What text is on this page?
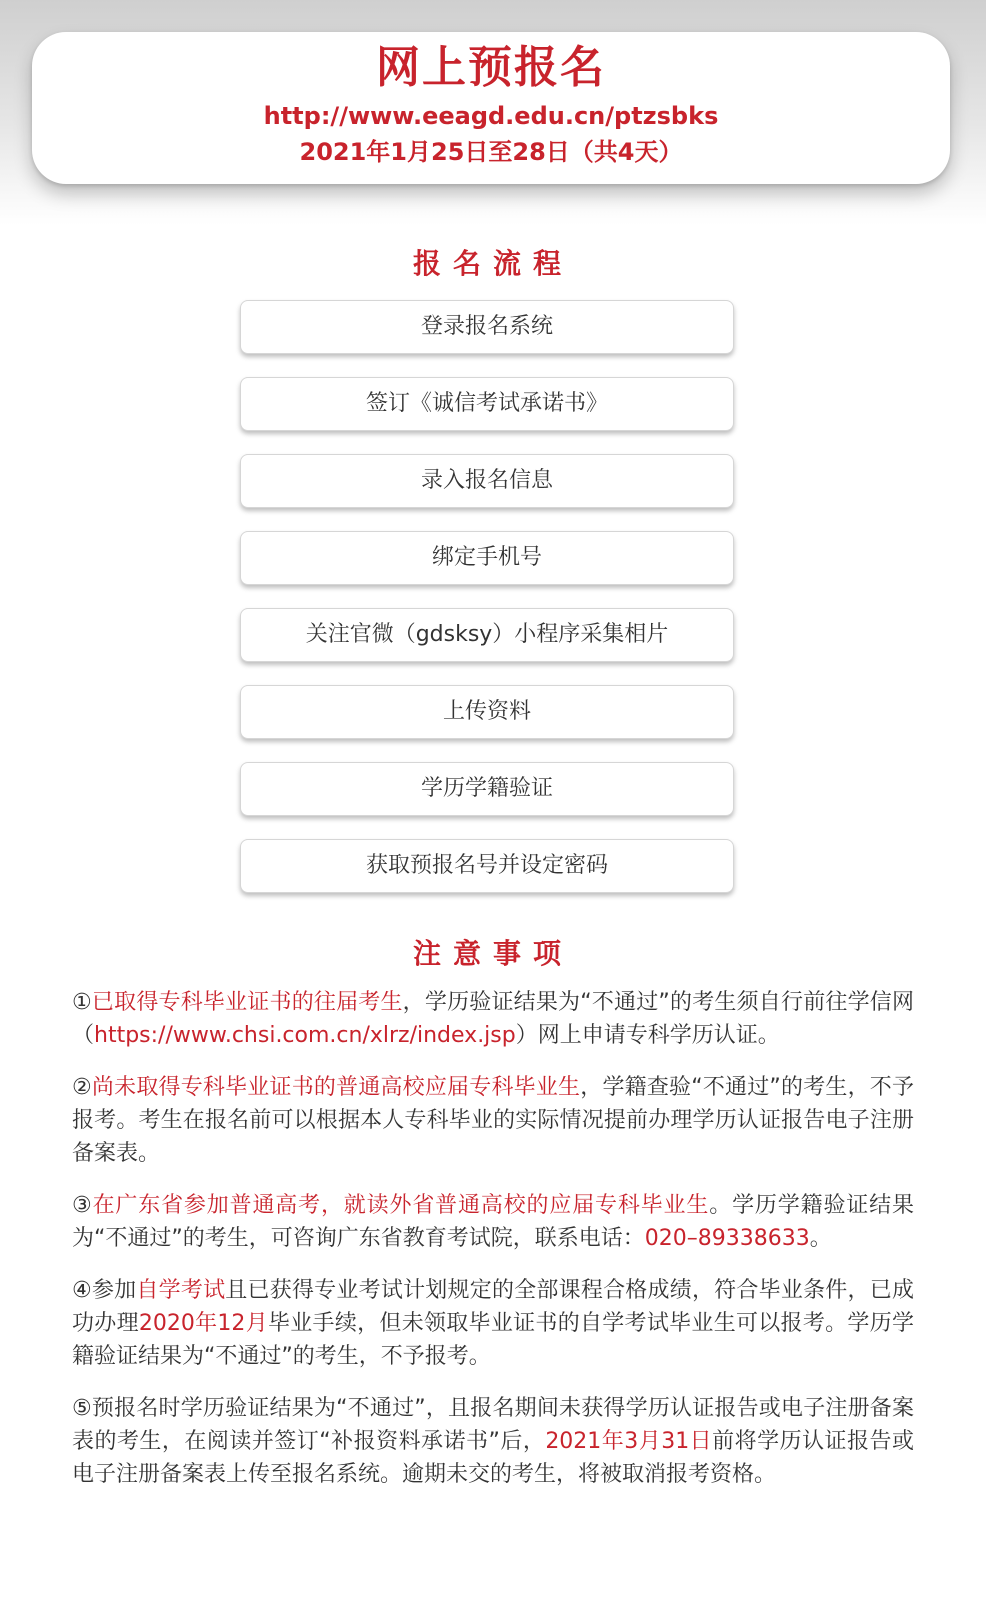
网上预报名
http://www.eeagd.edu.cn/ptzsbks
2021年1月25日至28日（共4天）
报名流程
登录报名系统
签订《诚信考试承诺书》
录入报名信息
绑定手机号
关注官微（gdsksy）小程序采集相片
上传资料
学历学籍验证
获取预报名号并设定密码
注意事项

①已取得专科毕业证书的往届考生，学历验证结果为“不通过”的考生须自行前往学信网（https://www.chsi.com.cn/xlrz/index.jsp）网上申请专科学历认证。

②尚未取得专科毕业证书的普通高校应届专科毕业生，学籍查验“不通过”的考生，不予报考。考生在报名前可以根据本人专科毕业的实际情况提前办理学历认证报告电子注册备案表。

③在广东省参加普通高考，就读外省普通高校的应届专科毕业生。学历学籍验证结果为“不通过”的考生，可咨询广东省教育考试院，联系电话：020–89338633。

④参加自学考试且已获得专业考试计划规定的全部课程合格成绩，符合毕业条件，已成功办理2020年12月毕业手续，但未领取毕业证书的自学考试毕业生可以报考。学历学籍验证结果为“不通过”的考生，不予报考。

⑤预报名时学历验证结果为“不通过”，且报名期间未获得学历认证报告或电子注册备案表的考生，在阅读并签订“补报资料承诺书”后，2021年3月31日前将学历认证报告或电子注册备案表上传至报名系统。逾期未交的考生，将被取消报考资格。
